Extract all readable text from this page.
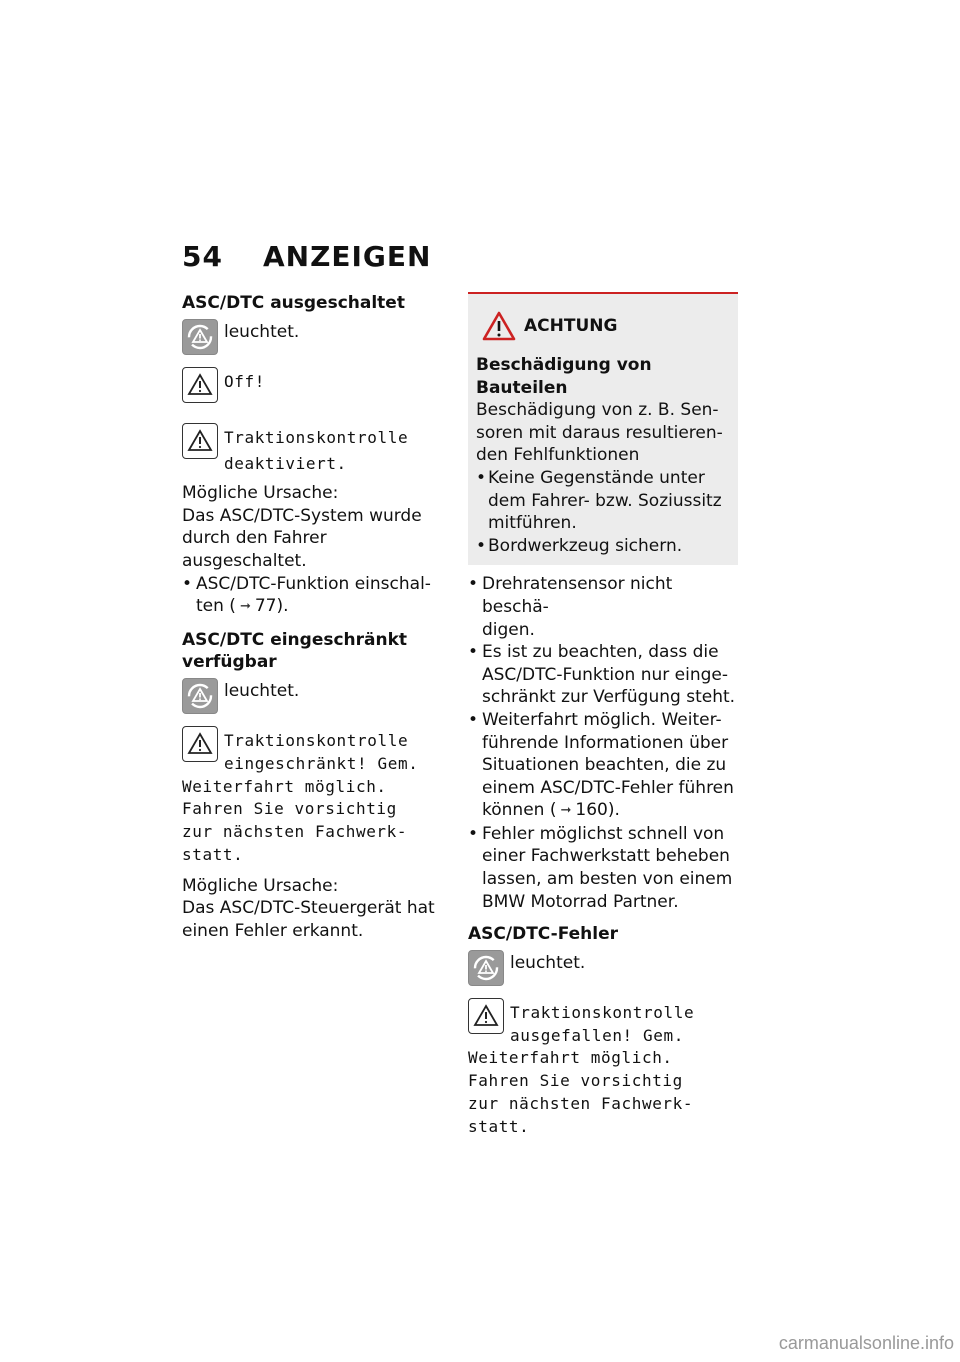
54 ANZEIGEN

ASC/DTC ausgeschaltet

leuchtet.

Off!

Traktionskontrolle

deaktiviert.

Mögliche Ursache:

Das ASC/DTC-System wurde

durch den Fahrer ausgeschaltet.

• ASC/DTC-Funktion einschal-
ten ( ➞ 77).

ASC/DTC eingeschränkt
verfügbar

leuchtet.

Traktionskontrolle

eingeschränkt! Gem.

Weiterfahrt möglich.

Fahren Sie vorsichtig

zur nächsten Fachwerk-

statt.

Mögliche Ursache:

Das ASC/DTC-Steuergerät hat

einen Fehler erkannt.

ACHTUNG

Beschädigung von Bauteilen

Beschädigung von z. B. Sen-

soren mit daraus resultieren-

den Fehlfunktionen

• Keine Gegenstände unter
dem Fahrer- bzw. Soziussitz
mitführen.
• Bordwerkzeug sichern.
• Drehratensensor nicht beschä-
digen.
• Es ist zu beachten, dass die
ASC/DTC-Funktion nur einge-
schränkt zur Verfügung steht.
• Weiterfahrt möglich. Weiter-
führende Informationen über
Situationen beachten, die zu
einem ASC/DTC-Fehler führen
können ( ➞ 160).
• Fehler möglichst schnell von
einer Fachwerkstatt beheben
lassen, am besten von einem
BMW Motorrad Partner.

ASC/DTC-Fehler

leuchtet.

Traktionskontrolle

ausgefallen! Gem.

Weiterfahrt möglich.

Fahren Sie vorsichtig

zur nächsten Fachwerk-

statt.

carmanualsonline.info
